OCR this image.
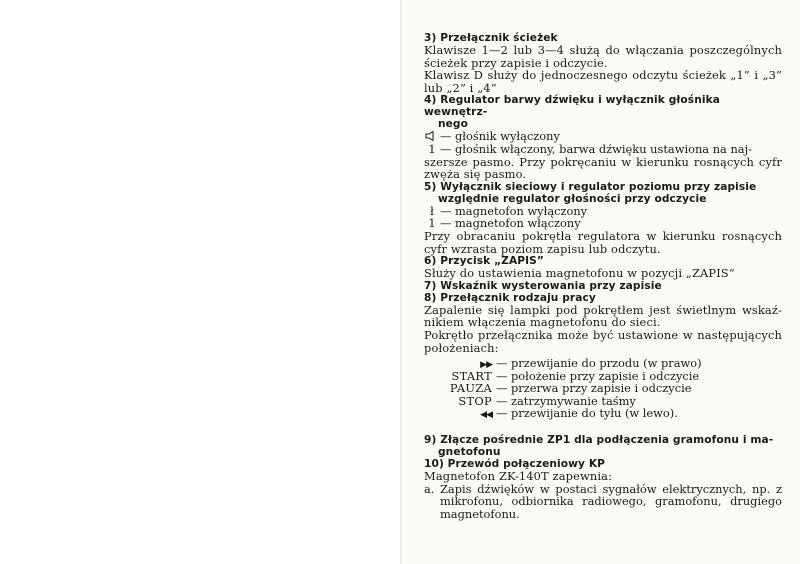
3) Przełącznik ścieżek

Klawisze 1—2 lub 3—4 służą do włączania poszczególnych ścieżek przy zapisie i odczycie.

Klawisz D służy do jednoczesnego odczytu ścieżek „1” i „3” lub „2” i „4”

4) Regulator barwy dźwięku i wyłącznik głośnika wewnętrz-

nego

— głośnik wyłączony
1 — głośnik włączony, barwa dźwięku ustawiona na naj-

szersze pasmo. Przy pokręcaniu w kierunku rosnących cyfr zwęża się pasmo.

5) Wyłącznik sieciowy i regulator poziomu przy zapisie

względnie regulator głośności przy odczycie

ł — magnetofon wyłączony
1 — magnetofon włączony

Przy obracaniu pokrętła regulatora w kierunku rosnących cyfr wzrasta poziom zapisu lub odczytu.

6) Przycisk „ZAPIS”

Służy do ustawienia magnetofonu w pozycji „ZAPIS”

7) Wskaźnik wysterowania przy zapisie

8) Przełącznik rodzaju pracy

Zapalenie się lampki pod pokrętłem jest świetlnym wskaź-nikiem włączenia magnetofonu do sieci.

Pokrętło przełącznika może być ustawione w następujących położeniach:

▶▶ — przewijanie do przodu (w prawo)
START — położenie przy zapisie i odczycie
PAUZA — przerwa przy zapisie i odczycie
STOP — zatrzymywanie taśmy
◀◀ — przewijanie do tyłu (w lewo).

9) Złącze pośrednie ZP1 dla podłączenia gramofonu i ma-

gnetofonu

10) Przewód połączeniowy KP

Magnetofon ZK-140T zapewnia:

a. Zapis dźwięków w postaci sygnałów elektrycznych, np. z mikrofonu, odbiornika radiowego, gramofonu, drugiego magnetofonu.
